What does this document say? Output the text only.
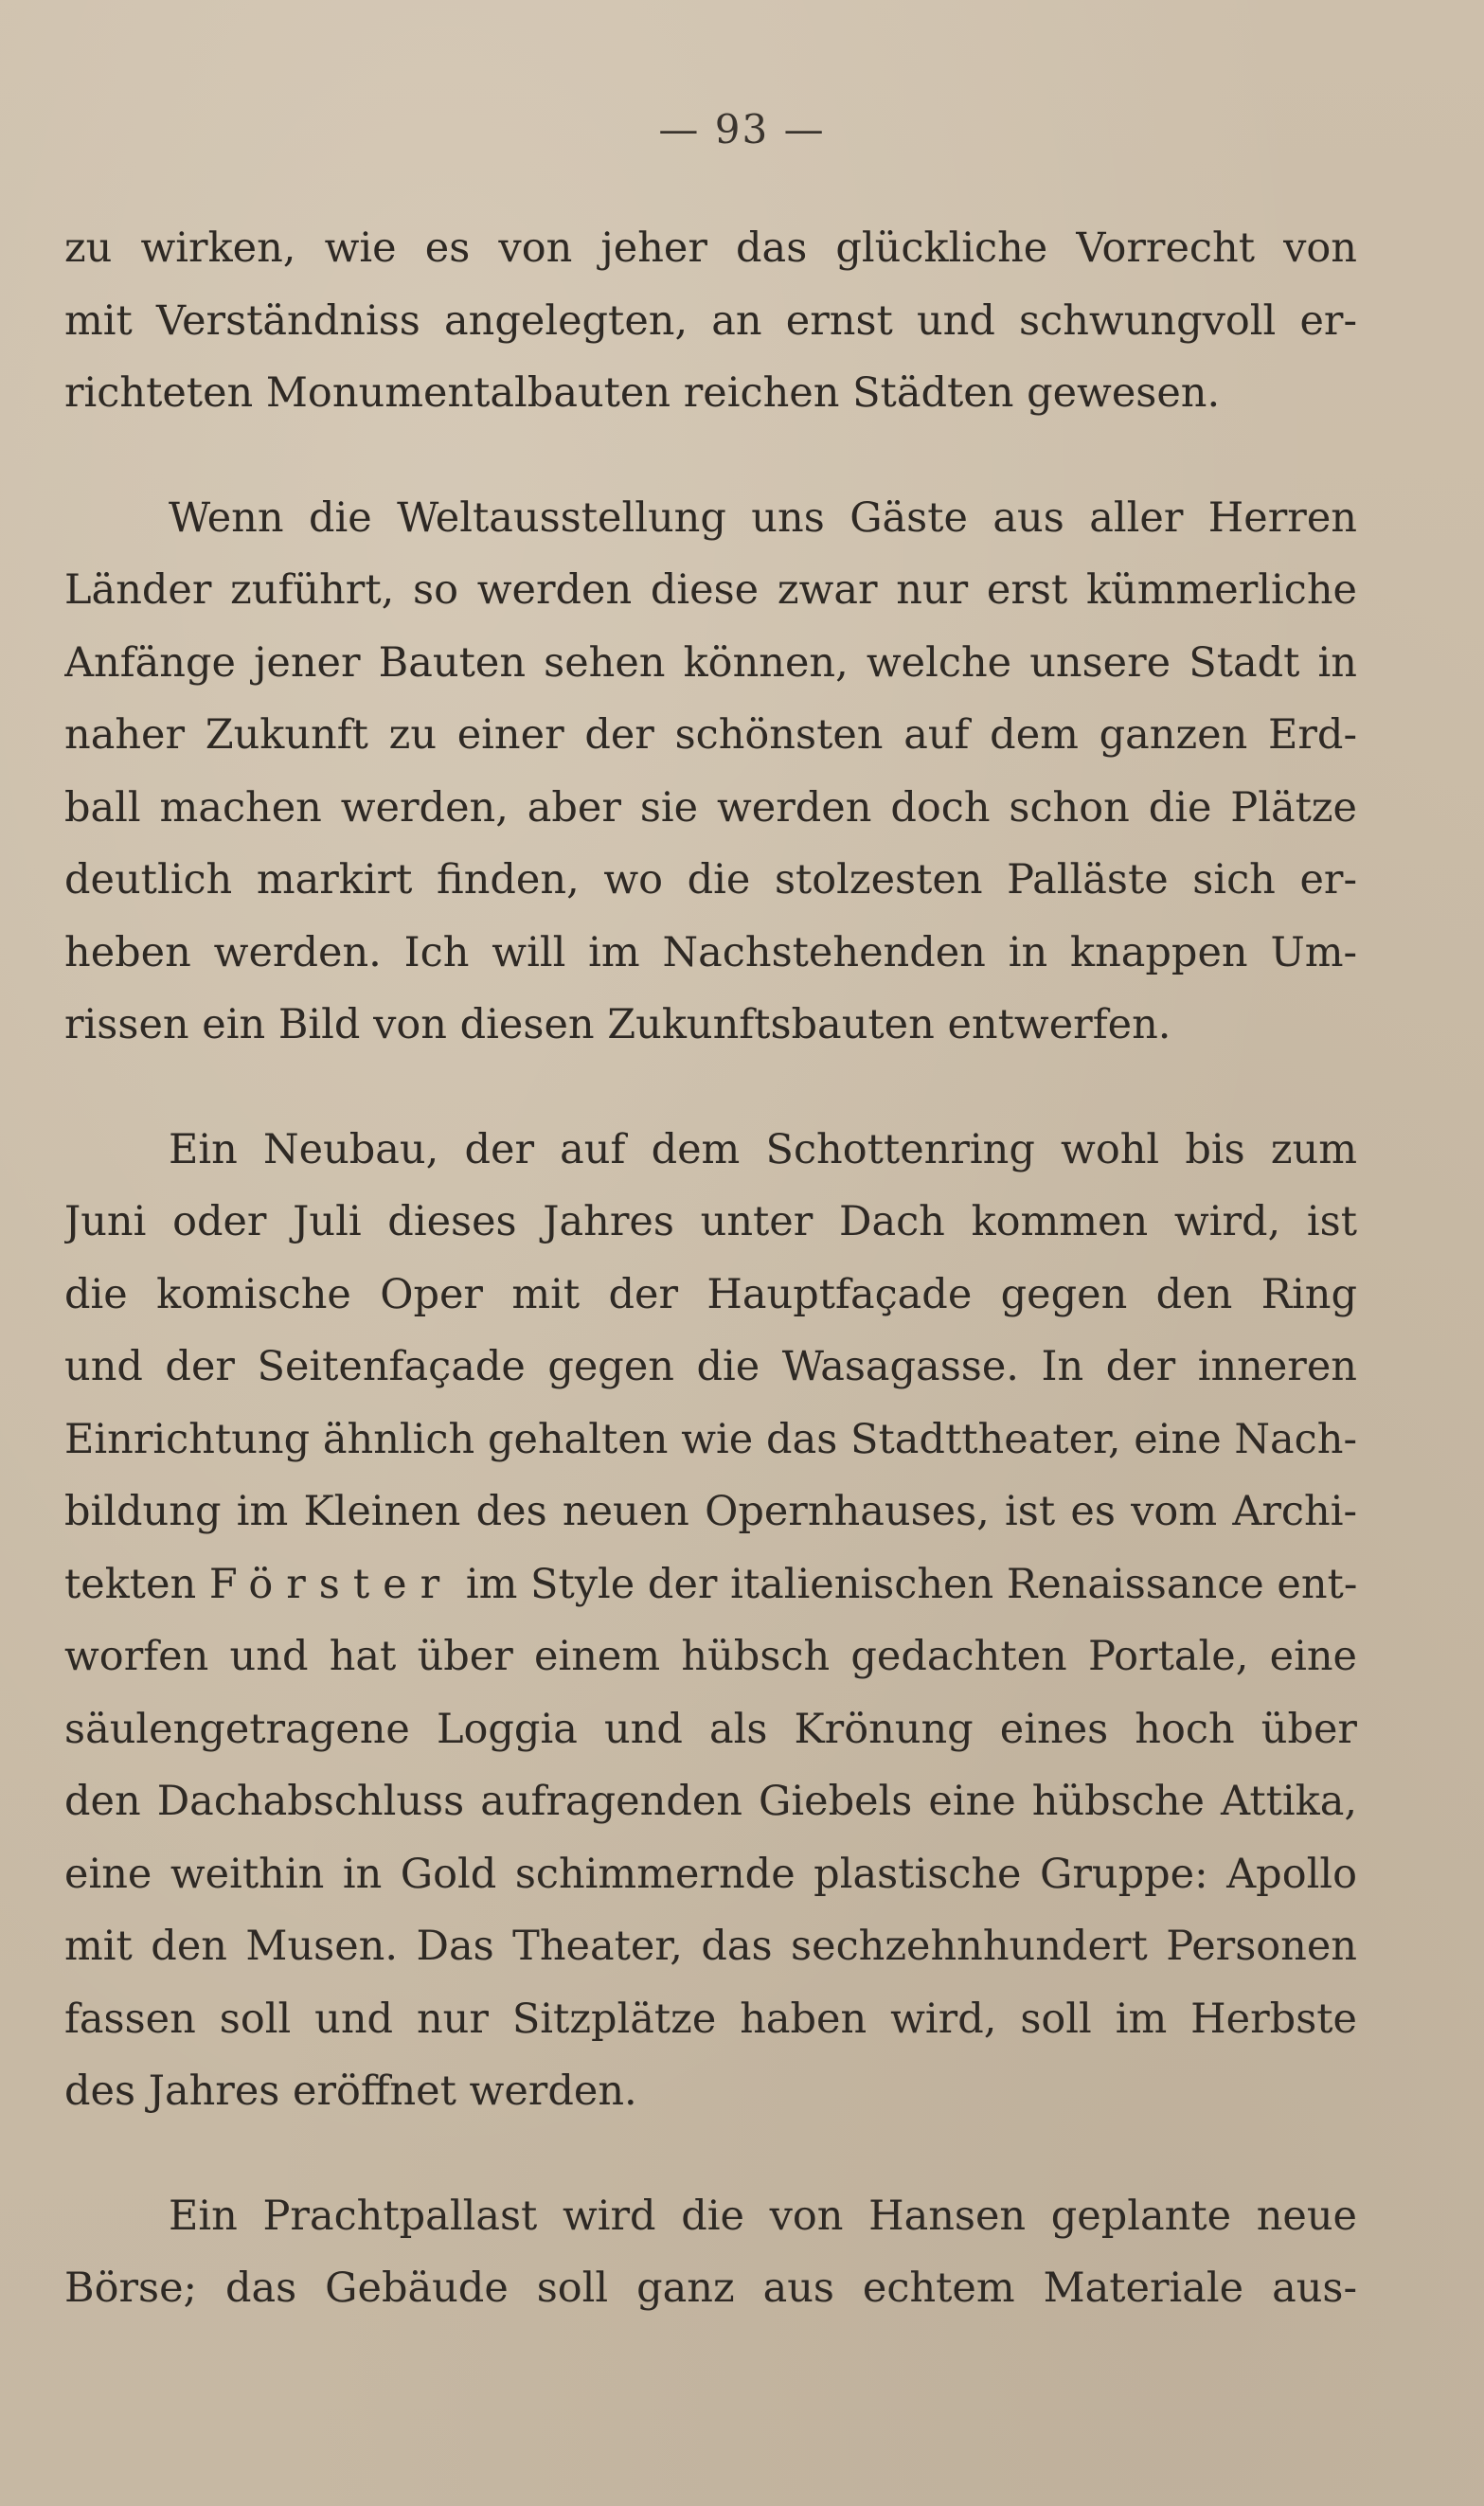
— 93 —
zu wirken, wie es von jeher das glückliche Vorrecht von
mit Verständniss angelegten, an ernst und schwungvoll er-
richteten Monumentalbauten reichen Städten gewesen.
Wenn die Weltausstellung uns Gäste aus aller Herren
Länder zuführt, so werden diese zwar nur erst kümmerliche
Anfänge jener Bauten sehen können, welche unsere Stadt in
naher Zukunft zu einer der schönsten auf dem ganzen Erd-
ball machen werden, aber sie werden doch schon die Plätze
deutlich markirt finden, wo die stolzesten Palläste sich er-
heben werden. Ich will im Nachstehenden in knappen Um-
rissen ein Bild von diesen Zukunftsbauten entwerfen.
Ein Neubau, der auf dem Schottenring wohl bis zum
Juni oder Juli dieses Jahres unter Dach kommen wird, ist
die komische Oper mit der Hauptfaçade gegen den Ring
und der Seitenfaçade gegen die Wasagasse. In der inneren
Einrichtung ähnlich gehalten wie das Stadttheater, eine Nach-
bildung im Kleinen des neuen Opernhauses, ist es vom Archi-
tekten Förster im Style der italienischen Renaissance ent-
worfen und hat über einem hübsch gedachten Portale, eine
säulengetragene Loggia und als Krönung eines hoch über
den Dachabschluss aufragenden Giebels eine hübsche Attika,
eine weithin in Gold schimmernde plastische Gruppe: Apollo
mit den Musen. Das Theater, das sechzehnhundert Personen
fassen soll und nur Sitzplätze haben wird, soll im Herbste
des Jahres eröffnet werden.
Ein Prachtpallast wird die von Hansen geplante neue
Börse; das Gebäude soll ganz aus echtem Materiale aus-
